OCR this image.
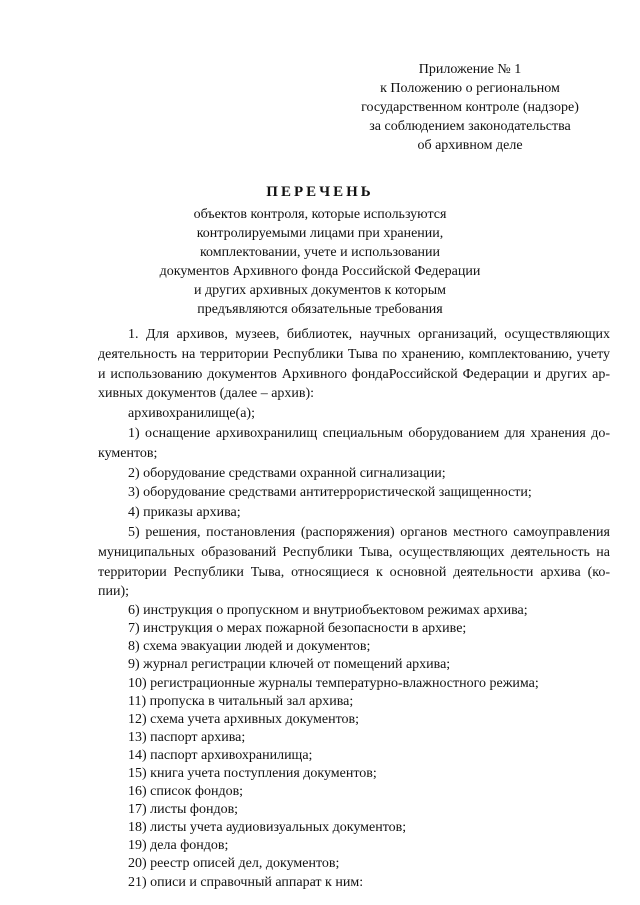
Приложение № 1
к Положению о региональном
государственном контроле (надзоре)
за соблюдением законодательства
об архивном деле
ПЕРЕЧЕНЬ
объектов контроля, которые используются
контролируемыми лицами при хранении,
комплектовании, учете и использовании
документов Архивного фонда Российской Федерации
и других архивных документов к которым
предъявляются обязательные требования
1. Для архивов, музеев, библиотек, научных организаций, осуществляющих
деятельность на территории Республики Тыва по хранению, комплектованию, учету
и использованию документов Архивного фондаРоссийской Федерации и других ар-
хивных документов (далее – архив):
архивохранилище(а);
1) оснащение архивохранилищ специальным оборудованием для хранения до-
кументов;
2) оборудование средствами охранной сигнализации;
3) оборудование средствами антитеррористической защищенности;
4) приказы архива;
5) решения, постановления (распоряжения) органов местного самоуправления
муниципальных образований Республики Тыва, осуществляющих деятельность на
территории Республики Тыва, относящиеся к основной деятельности архива (ко-
пии);
6) инструкция о пропускном и внутриобъектовом режимах архива;
7) инструкция о мерах пожарной безопасности в архиве;
8) схема эвакуации людей и документов;
9) журнал регистрации ключей от помещений архива;
10) регистрационные журналы температурно-влажностного режима;
11) пропуска в читальный зал архива;
12) схема учета архивных документов;
13) паспорт архива;
14) паспорт архивохранилища;
15) книга учета поступления документов;
16) список фондов;
17) листы фондов;
18) листы учета аудиовизуальных документов;
19) дела фондов;
20) реестр описей дел, документов;
21) описи и справочный аппарат к ним:
